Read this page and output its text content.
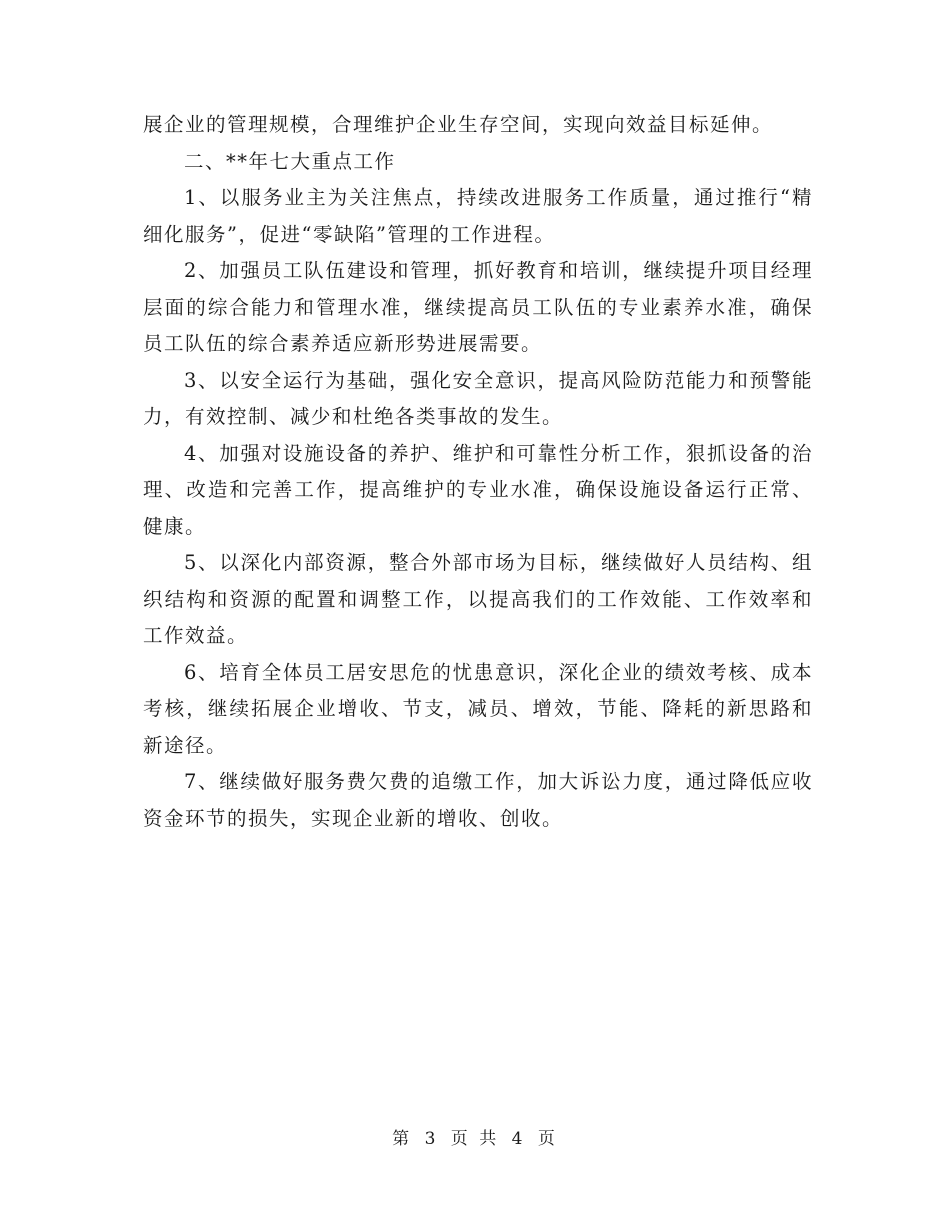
展企业的管理规模，合理维护企业生存空间，实现向效益目标延伸。

二、**年七大重点工作

1、以服务业主为关注焦点，持续改进服务工作质量，通过推行“精细化服务”，促进“零缺陷”管理的工作进程。

2、加强员工队伍建设和管理，抓好教育和培训，继续提升项目经理层面的综合能力和管理水准，继续提高员工队伍的专业素养水准，确保员工队伍的综合素养适应新形势进展需要。

3、以安全运行为基础，强化安全意识，提高风险防范能力和预警能力，有效控制、减少和杜绝各类事故的发生。

4、加强对设施设备的养护、维护和可靠性分析工作，狠抓设备的治理、改造和完善工作，提高维护的专业水准，确保设施设备运行正常、健康。

5、以深化内部资源，整合外部市场为目标，继续做好人员结构、组织结构和资源的配置和调整工作，以提高我们的工作效能、工作效率和工作效益。

6、培育全体员工居安思危的忧患意识，深化企业的绩效考核、成本考核，继续拓展企业增收、节支，减员、增效，节能、降耗的新思路和新途径。

7、继续做好服务费欠费的追缴工作，加大诉讼力度，通过降低应收资金环节的损失，实现企业新的增收、创收。

第 3 页 共 4 页
